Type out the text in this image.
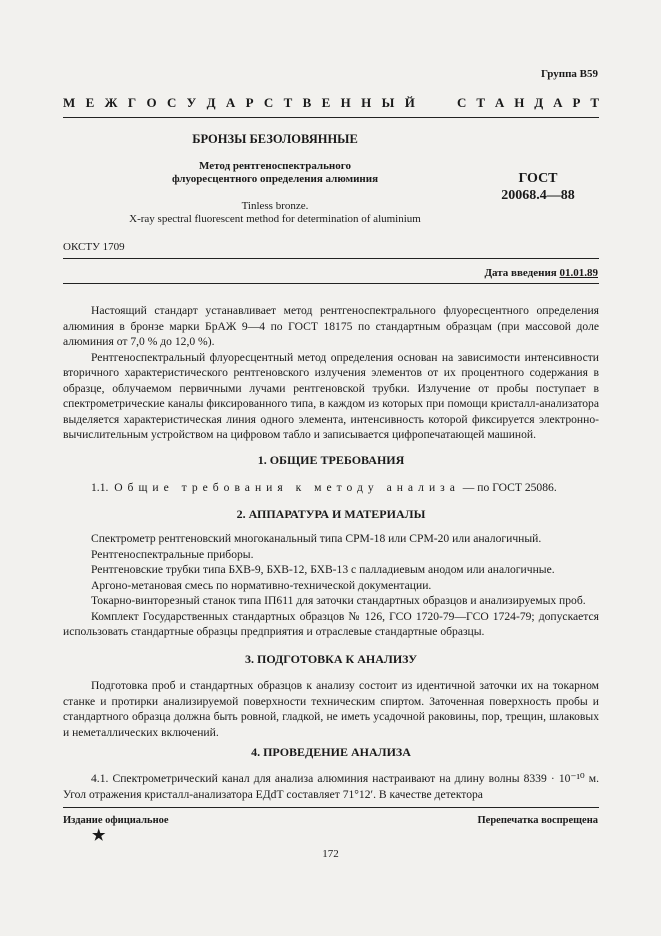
Группа В59
М Е Ж Г О С У Д А Р С Т В Е Н Н Ы Й	С Т А Н Д А Р Т
БРОНЗЫ БЕЗОЛОВЯННЫЕ
Метод рентгеноспектрального
флуоресцентного определения алюминия	ГОСТ
20068.4—88
Tinless bronze.
X-ray spectral fluorescent method for determination of aluminium
ОКСТУ 1709
Дата введения 01.01.89

Настоящий стандарт устанавливает метод рентгеноспектрального флуоресцентного определения алюминия в бронзе марки БрАЖ 9—4 по ГОСТ 18175 по стандартным образцам (при массовой доле алюминия от 7,0 % до 12,0 %).

Рентгеноспектральный флуоресцентный метод определения основан на зависимости интенсивности вторичного характеристического рентгеновского излучения элементов от их процентного содержания в образце, облучаемом первичными лучами рентгеновской трубки. Излучение от пробы поступает в спектрометрические каналы фиксированного типа, в каждом из которых при помощи кристалл-анализатора выделяется характеристическая линия одного элемента, интенсивность которой фиксируется электронно-вычислительным устройством на цифровом табло и записывается цифропечатающей машиной.

1. ОБЩИЕ ТРЕБОВАНИЯ

1.1. Общие требования к методу анализа — по ГОСТ 25086.

2. АППАРАТУРА И МАТЕРИАЛЫ

Спектрометр рентгеновский многоканальный типа СРМ-18 или СРМ-20 или аналогичный.

Рентгеноспектральные приборы.

Рентгеновские трубки типа БХВ-9, БХВ-12, БХВ-13 с палладиевым анодом или аналогичные.

Аргоно-метановая смесь по нормативно-технической документации.

Токарно-винторезный станок типа IП611 для заточки стандартных образцов и анализируемых проб.

Комплект Государственных стандартных образцов № 126, ГСО 1720-79—ГСО 1724-79; допускается использовать стандартные образцы предприятия и отраслевые стандартные образцы.

3. ПОДГОТОВКА К АНАЛИЗУ

Подготовка проб и стандартных образцов к анализу состоит из идентичной заточки их на токарном станке и протирки анализируемой поверхности техническим спиртом. Заточенная поверхность пробы и стандартного образца должна быть ровной, гладкой, не иметь усадочной раковины, пор, трещин, шлаковых и неметаллических включений.

4. ПРОВЕДЕНИЕ АНАЛИЗА

4.1. Спектрометрический канал для анализа алюминия настраивают на длину волны 8339 · 10⁻¹⁰ м. Угол отражения кристалл-анализатора ЕДdТ составляет 71°12′. В качестве детектора

Издание официальное
★
Перепечатка воспрещена
172
